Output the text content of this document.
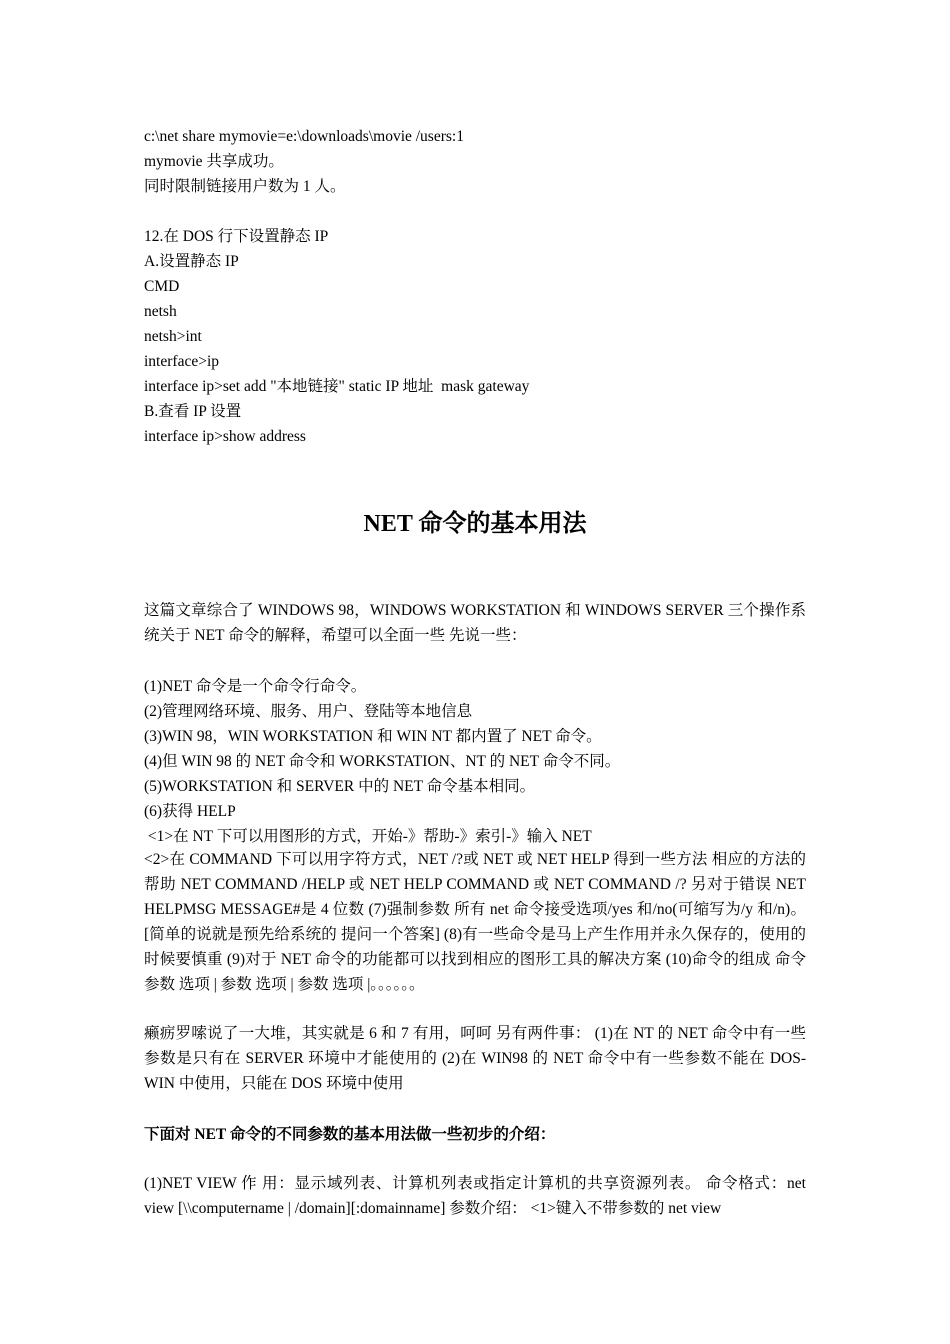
c:\net share mymovie=e:\downloads\movie /users:1
mymovie 共享成功。
同时限制链接用户数为 1 人。
12.在 DOS 行下设置静态 IP
A.设置静态 IP
CMD
netsh
netsh>int
interface>ip
interface ip>set add "本地链接" static IP 地址  mask gateway
B.查看 IP 设置
interface ip>show address
NET 命令的基本用法
这篇文章综合了 WINDOWS 98，WINDOWS WORKSTATION 和 WINDOWS SERVER 三个操作系统关于 NET 命令的解释，希望可以全面一些 先说一些：
(1)NET 命令是一个命令行命令。
(2)管理网络环境、服务、用户、登陆等本地信息
(3)WIN 98，WIN WORKSTATION 和 WIN NT 都内置了 NET 命令。
(4)但 WIN 98 的 NET 命令和 WORKSTATION、NT 的 NET 命令不同。
(5)WORKSTATION 和 SERVER 中的 NET 命令基本相同。
(6)获得 HELP
<1>在 NT 下可以用图形的方式，开始-》帮助-》索引-》输入 NET
<2>在 COMMAND 下可以用字符方式，NET /?或 NET 或 NET HELP 得到一些方法 相应的方法的帮助 NET COMMAND /HELP 或 NET HELP COMMAND 或 NET COMMAND /? 另对于错误 NET HELPMSG MESSAGE#是 4 位数 (7)强制参数 所有 net 命令接受选项/yes 和/no(可缩写为/y 和/n)。[简单的说就是预先给系统的 提问一个答案] (8)有一些命令是马上产生作用并永久保存的，使用的时候要慎重 (9)对于 NET 命令的功能都可以找到相应的图形工具的解决方案 (10)命令的组成 命令 参数 选项 | 参数 选项 | 参数 选项 |。。。。。。
癞疬罗嗦说了一大堆，其实就是 6 和 7 有用，呵呵 另有两件事： (1)在 NT 的 NET 命令中有一些参数是只有在 SERVER 环境中才能使用的 (2)在 WIN98 的 NET 命令中有一些参数不能在 DOS-WIN 中使用，只能在 DOS 环境中使用
下面对 NET 命令的不同参数的基本用法做一些初步的介绍：
(1)NET VIEW 作 用：显示域列表、计算机列表或指定计算机的共享资源列表。 命令格式：net view [\\computername | /domain][:domainname] 参数介绍： <1>键入不带参数的 net view
